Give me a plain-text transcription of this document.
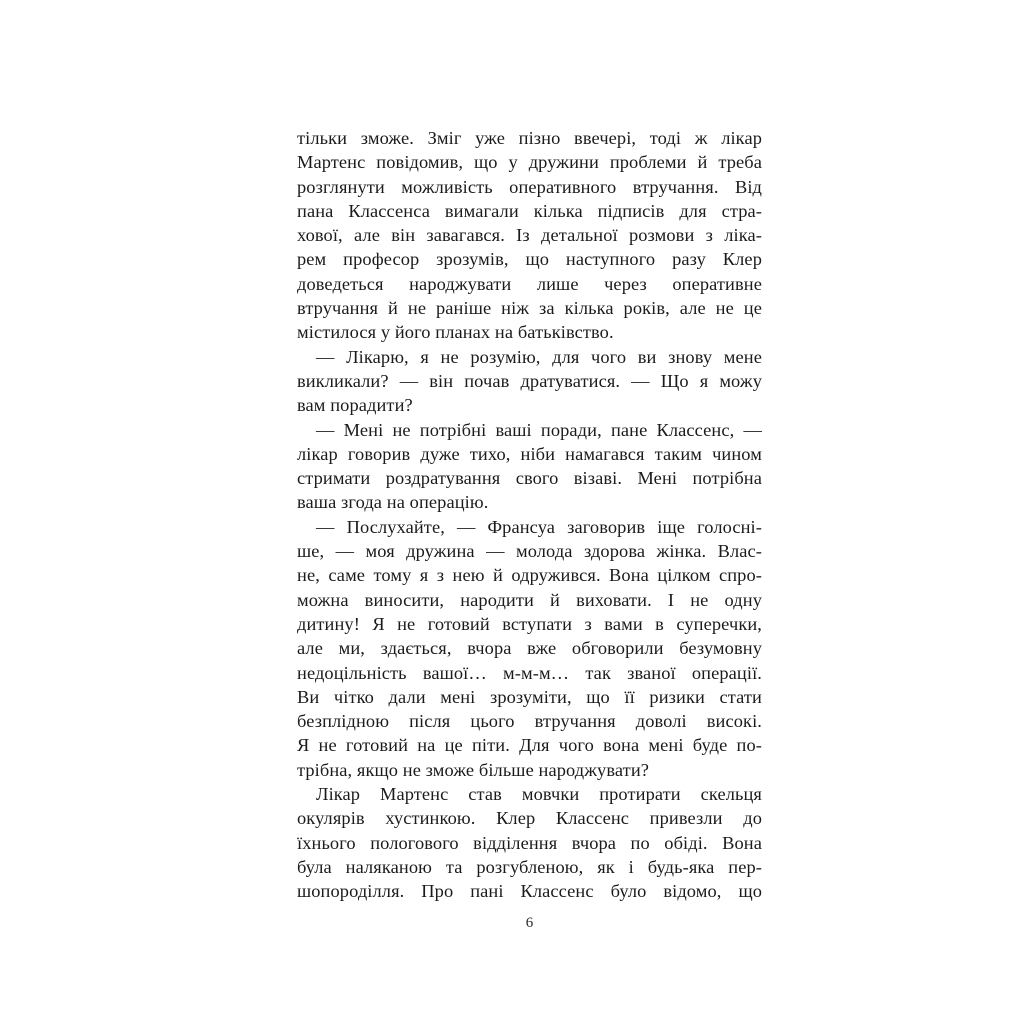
тільки зможе. Зміг уже пізно ввечері, тоді ж лікар
Мартенс повідомив, що у дружини проблеми й треба
розглянути можливість оперативного втручання. Від
пана Классенса вимагали кілька підписів для стра-
хової, але він завагався. Із детальної розмови з ліка-
рем професор зрозумів, що наступного разу Клер
доведеться народжувати лише через оперативне
втручання й не раніше ніж за кілька років, але не це
містилося у його планах на батьківство.
— Лікарю, я не розумію, для чого ви знову мене
викликали? — він почав дратуватися. — Що я можу
вам порадити?
— Мені не потрібні ваші поради, пане Классенс, —
лікар говорив дуже тихо, ніби намагався таким чином
стримати роздратування свого візаві. Мені потрібна
ваша згода на операцію.
— Послухайте, — Франсуа заговорив іще голосні-
ше, — моя дружина — молода здорова жінка. Влас-
не, саме тому я з нею й одружився. Вона цілком спро-
можна виносити, народити й виховати. І не одну
дитину! Я не готовий вступати з вами в суперечки,
але ми, здається, вчора вже обговорили безумовну
недоцільність вашої… м-м-м… так званої операції.
Ви чітко дали мені зрозуміти, що її ризики стати
безплідною після цього втручання доволі високі.
Я не готовий на це піти. Для чого вона мені буде по-
трібна, якщо не зможе більше народжувати?
Лікар Мартенс став мовчки протирати скельця
окулярів хустинкою. Клер Классенс привезли до
їхнього пологового відділення вчора по обіді. Вона
була наляканою та розгубленою, як і будь-яка пер-
шопороділля. Про пані Классенс було відомо, що
6
